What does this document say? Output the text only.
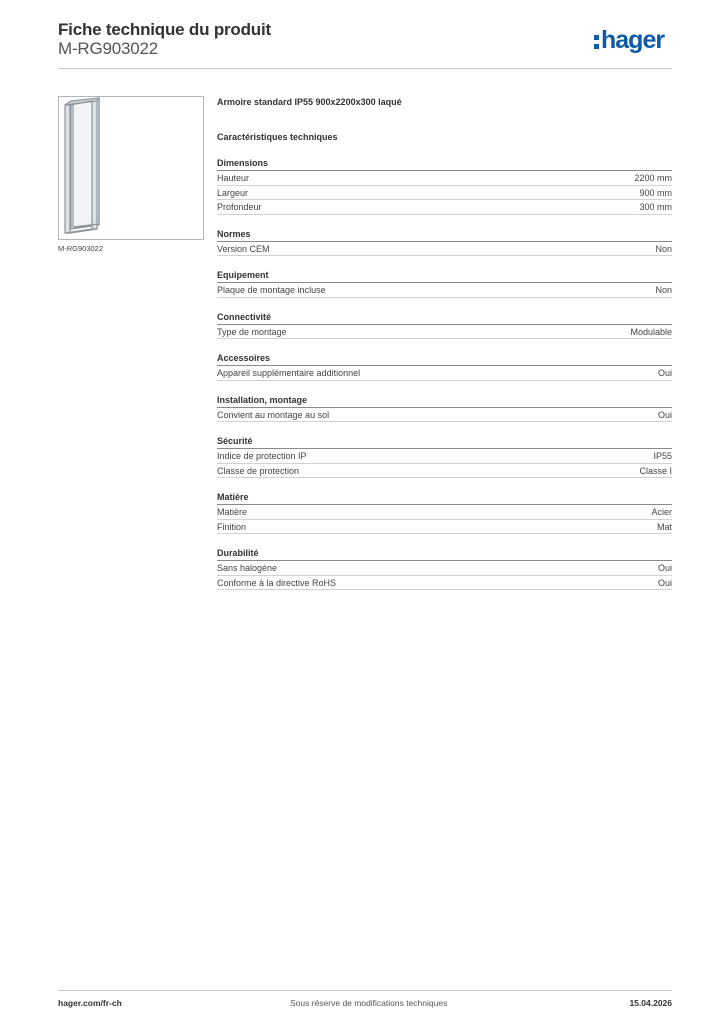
Fiche technique du produit
M-RG903022	hager
M-RG903022
Armoire standard IP55 900x2200x300 laqué
Caractéristiques techniques
Dimensions
Hauteur	2200 mm
Largeur	900 mm
Profondeur	300 mm
Normes
Version CEM	Non
Equipement
Plaque de montage incluse	Non
Connectivité
Type de montage	Modulable
Accessoires
Appareil supplémentaire additionnel	Oui
Installation, montage
Convient au montage au sol	Oui
Sécurité
Indice de protection IP	IP55
Classe de protection	Classe I
Matière
Matière	Acier
Finition	Mat
Durabilité
Sans halogène	Oui
Conforme à la directive RoHS	Oui
hager.com/fr-ch	Sous réserve de modifications techniques	15.04.2026
